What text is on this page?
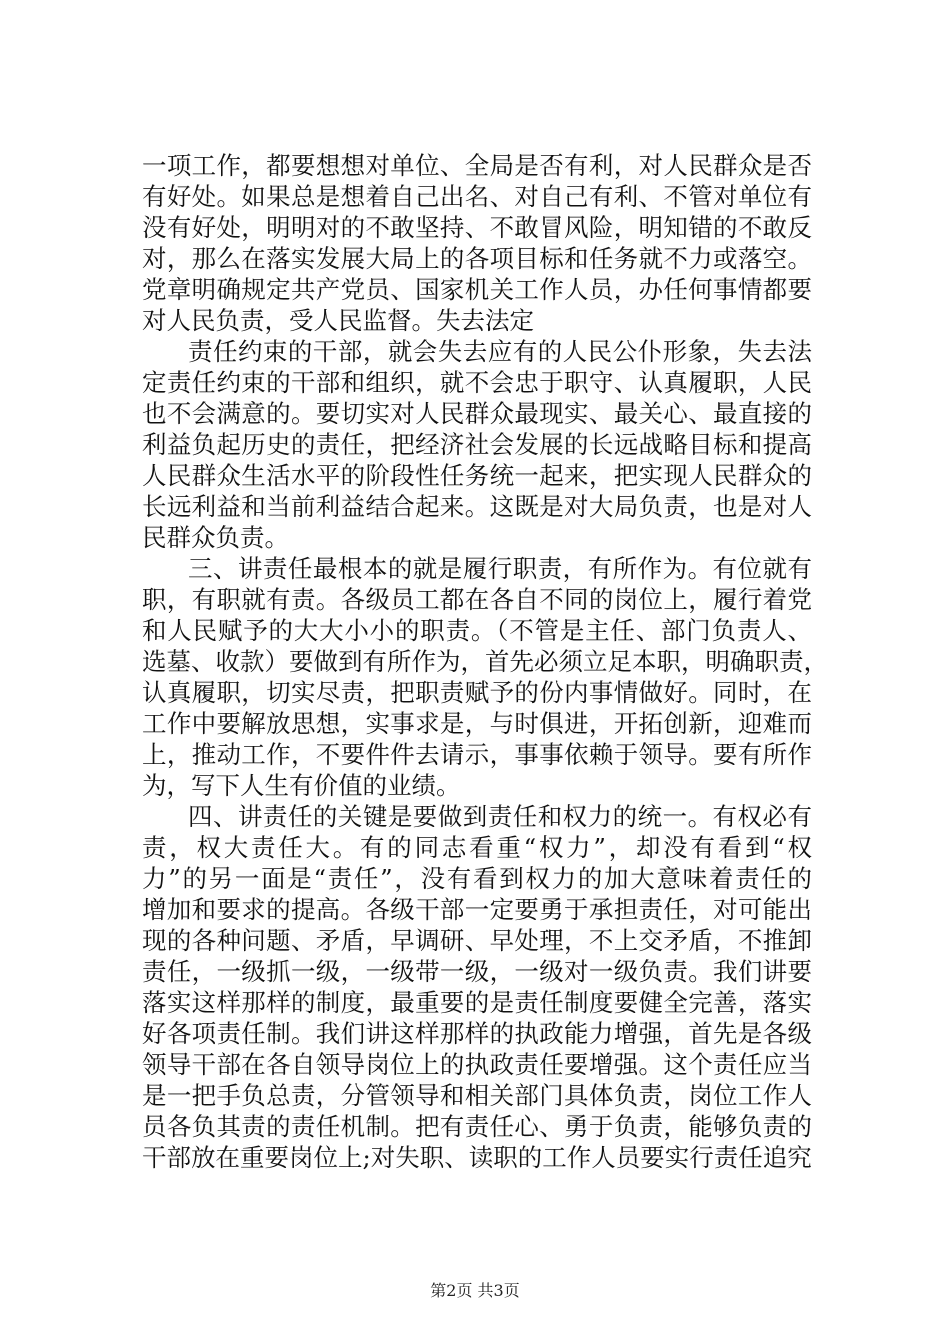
一项工作，都要想想对单位、全局是否有利，对人民群众是否
有好处。如果总是想着自己出名、对自己有利、不管对单位有
没有好处，明明对的不敢坚持、不敢冒风险，明知错的不敢反
对，那么在落实发展大局上的各项目标和任务就不力或落空。
党章明确规定共产党员、国家机关工作人员，办任何事情都要
对人民负责，受人民监督。失去法定
责任约束的干部，就会失去应有的人民公仆形象，失去法
定责任约束的干部和组织，就不会忠于职守、认真履职，人民
也不会满意的。要切实对人民群众最现实、最关心、最直接的
利益负起历史的责任，把经济社会发展的长远战略目标和提高
人民群众生活水平的阶段性任务统一起来，把实现人民群众的
长远利益和当前利益结合起来。这既是对大局负责，也是对人
民群众负责。
三、讲责任最根本的就是履行职责，有所作为。有位就有
职，有职就有责。各级员工都在各自不同的岗位上，履行着党
和人民赋予的大大小小的职责。（不管是主任、部门负责人、
选墓、收款）要做到有所作为，首先必须立足本职，明确职责，
认真履职，切实尽责，把职责赋予的份内事情做好。同时，在
工作中要解放思想，实事求是，与时俱进，开拓创新，迎难而
上，推动工作，不要件件去请示，事事依赖于领导。要有所作
为，写下人生有价值的业绩。
四、讲责任的关键是要做到责任和权力的统一。有权必有
责，权大责任大。有的同志看重“权力”，却没有看到“权
力”的另一面是“责任”，没有看到权力的加大意味着责任的
增加和要求的提高。各级干部一定要勇于承担责任，对可能出
现的各种问题、矛盾，早调研、早处理，不上交矛盾，不推卸
责任，一级抓一级，一级带一级，一级对一级负责。我们讲要
落实这样那样的制度，最重要的是责任制度要健全完善，落实
好各项责任制。我们讲这样那样的执政能力增强，首先是各级
领导干部在各自领导岗位上的执政责任要增强。这个责任应当
是一把手负总责，分管领导和相关部门具体负责，岗位工作人
员各负其责的责任机制。把有责任心、勇于负责，能够负责的
干部放在重要岗位上;对失职、读职的工作人员要实行责任追究
第2页 共3页
